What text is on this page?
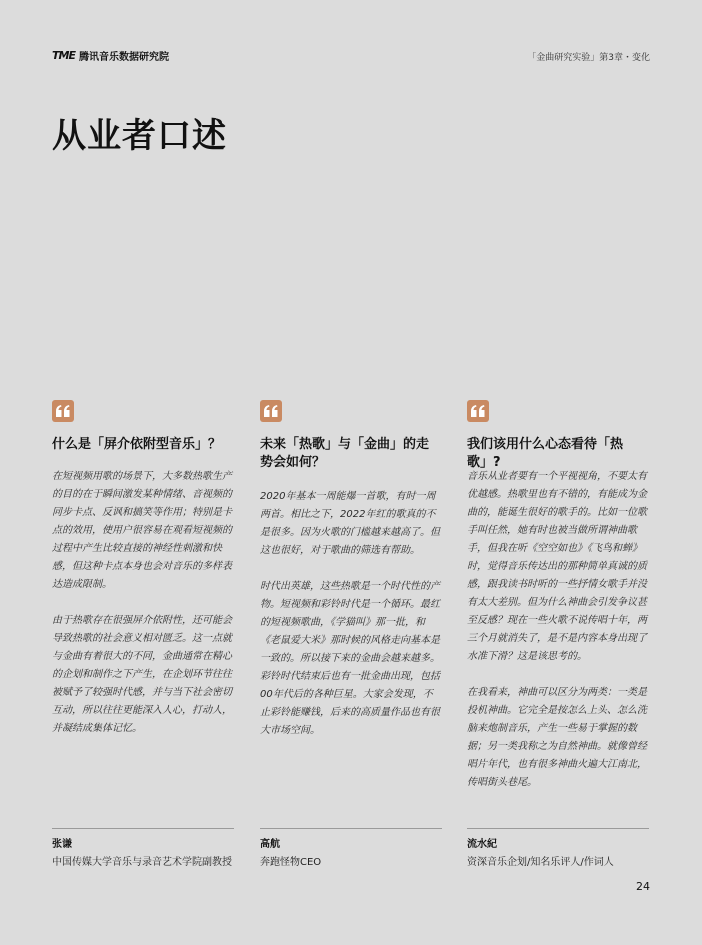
TME 腾讯音乐数据研究院	「金曲研究实验」第3章・变化
从业者口述
什么是「屏介依附型音乐」？

在短视频用歌的场景下，大多数热歌生产的目的在于瞬间激发某种情绪、音视频的同步卡点、反讽和搞笑等作用；特别是卡点的效用，使用户很容易在观看短视频的过程中产生比较直接的神经性刺激和快感，但这种卡点本身也会对音乐的多样表达造成限制。

由于热歌存在很强屏介依附性，还可能会导致热歌的社会意义相对匮乏。这一点就与金曲有着很大的不同，金曲通常在精心的企划和制作之下产生，在企划环节往往被赋予了较强时代感，并与当下社会密切互动，所以往往更能深入人心，打动人，并凝结成集体记忆。

未来「热歌」与「金曲」的走势会如何？

2020年基本一周能爆一首歌，有时一周两首。相比之下，2022年红的歌真的不是很多。因为火歌的门槛越来越高了。但这也很好，对于歌曲的筛选有帮助。

时代出英雄，这些热歌是一个时代性的产物。短视频和彩铃时代是一个循环。最红的短视频歌曲，《学猫叫》那一批，和《老鼠爱大米》那时候的风格走向基本是一致的。所以接下来的金曲会越来越多。彩铃时代结束后也有一批金曲出现，包括00年代后的各种巨星。大家会发现，不止彩铃能赚钱，后来的高质量作品也有很大市场空间。

我们该用什么心态看待「热歌」?

音乐从业者要有一个平视视角，不要太有优越感。热歌里也有不错的，有能成为金曲的，能诞生很好的歌手的。比如一位歌手叫任然，她有时也被当做所谓神曲歌手，但我在听《空空如也》《飞鸟和蝉》时，觉得音乐传达出的那种简单真诚的质感，跟我读书时听的一些抒情女歌手并没有太大差别。但为什么神曲会引发争议甚至反感？现在一些火歌不说传唱十年，两三个月就消失了，是不是内容本身出现了水准下滑？这是该思考的。

在我看来，神曲可以区分为两类：一类是投机神曲。它完全是按怎么上头、怎么洗脑来炮制音乐，产生一些易于掌握的数据；另一类我称之为自然神曲。就像曾经唱片年代，也有很多神曲火遍大江南北，传唱街头巷尾。

张谦
中国传媒大学音乐与录音艺术学院副教授
高航
奔跑怪物CEO
流水紀
资深音乐企划/知名乐评人/作词人
24
